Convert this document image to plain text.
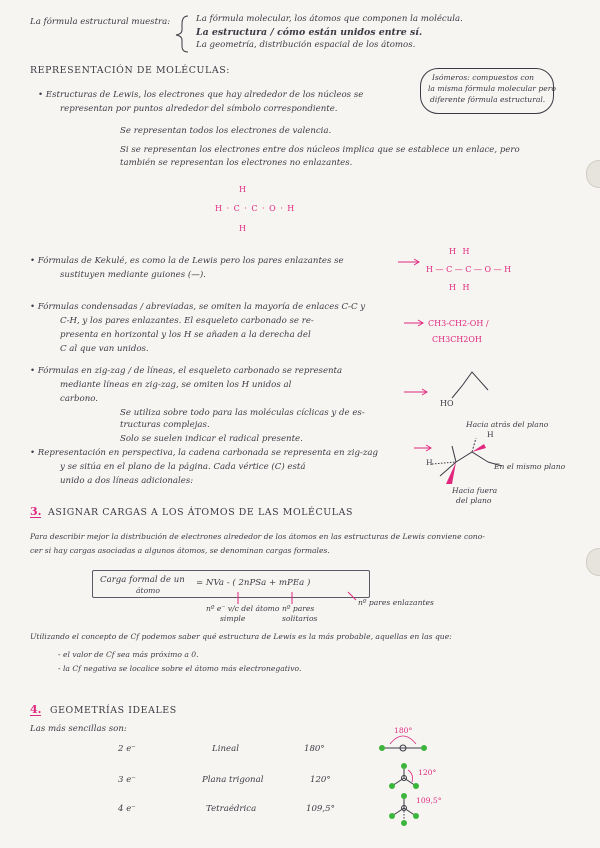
La fórmula estructural muestra:	La fórmula molecular, los átomos que componen la molécula.
La estructura / cómo están unidos entre sí.
La geometría, distribución espacial de los átomos.
REPRESENTACIÓN DE MOLÉCULAS:
Isómeros: compuestos con
la misma fórmula molecular pero
diferente fórmula estructural.
• Estructuras de Lewis, los electrones que hay alrededor de los núcleos se
representan por puntos alrededor del símbolo correspondiente.
Se representan todos los electrones de valencia.
Si se representan los electrones entre dos núcleos implica que se establece un enlace, pero
también se representan los electrones no enlazantes.
H
H · C · C · O · H
H
• Fórmulas de Kekulé, es como la de Lewis pero los pares enlazantes se
sustituyen mediante guiones (—).
H H
H — C — C — O — H
H H
• Fórmulas condensadas / abreviadas, se omiten la mayoría de enlaces C-C y
C-H, y los pares enlazantes. El esqueleto carbonado se re-
presenta en horizontal y los H se añaden a la derecha del
C al que van unidos.
CH3-CH2-OH /
CH3CH2OH
• Fórmulas en zig-zag / de líneas, el esqueleto carbonado se representa
mediante líneas en zig-zag, se omiten los H unidos al
carbono.
Se utiliza sobre todo para las moléculas cíclicas y de es-
tructuras complejas.
Solo se suelen indicar el radical presente.
HO
• Representación en perspectiva, la cadena carbonada se representa en zig-zag
y se sitúa en el plano de la página. Cada vértice (C) está
unido a dos líneas adicionales:
Hacia atrás del plano
H
H	En el mismo plano
Hacia fuera
del plano
3. ASIGNAR CARGAS A LOS ÁTOMOS DE LAS MOLÉCULAS
Para describir mejor la distribución de electrones alrededor de los átomos en las estructuras de Lewis conviene cono-
cer si hay cargas asociadas a algunos átomos, se denominan cargas formales.
Carga formal de un
átomo
= NVa - ( 2nPSa + mPEa )
nº e⁻ v/c del átomo
simple
nº pares
solitarios
nº pares enlazantes
Utilizando el concepto de Cf podemos saber qué estructura de Lewis es la más probable, aquellas en las que:
- el valor de Cf sea más próximo a 0.
- la Cf negativa se localice sobre el átomo más electronegativo.
4. GEOMETRÍAS IDEALES
Las más sencillas son:
2 e⁻	Lineal	180°
3 e⁻	Plana trigonal	120°
4 e⁻	Tetraédrica	109,5°
180°
120°
109,5°
